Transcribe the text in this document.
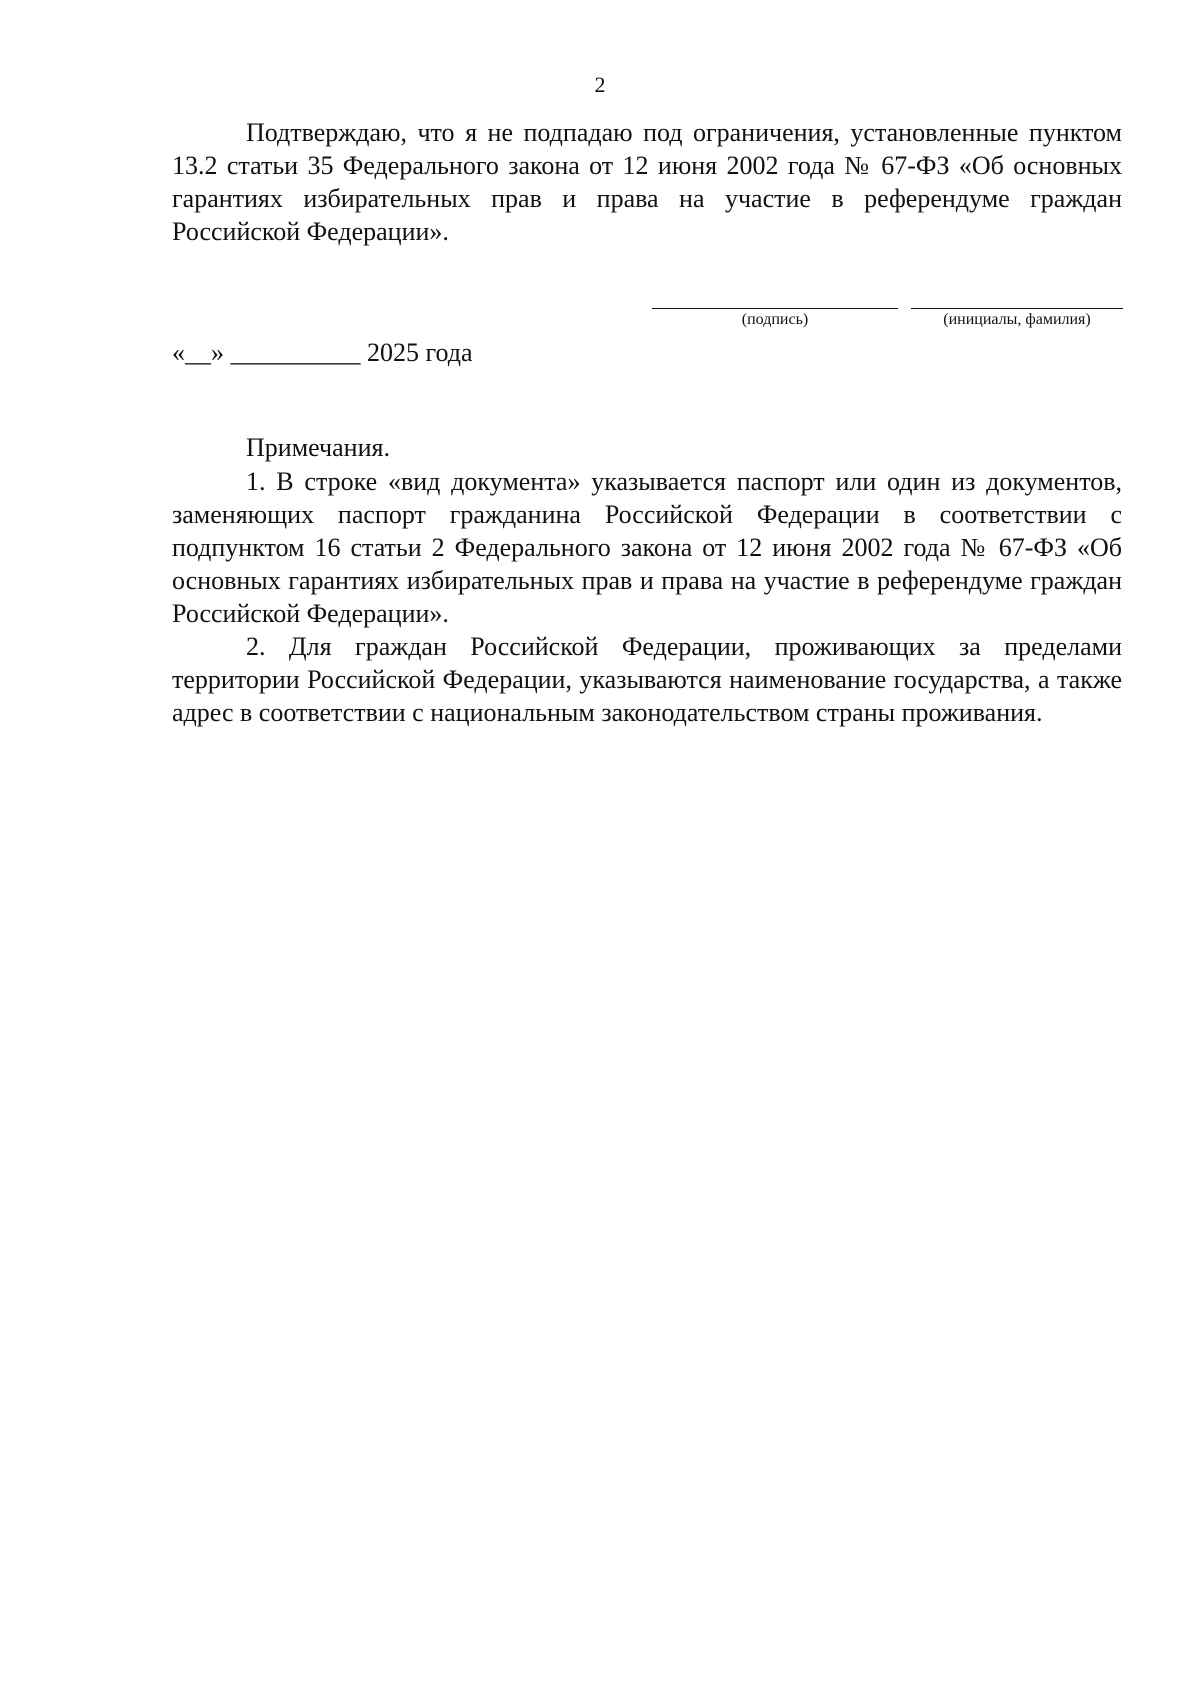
2

Подтверждаю, что я не подпадаю под ограничения, установленные пунктом 13.2 статьи 35 Федерального закона от 12 июня 2002 года № 67-ФЗ «Об основных гарантиях избирательных прав и права на участие в референдуме граждан Российской Федерации».

(подпись)	(инициалы, фамилия)
«__» __________ 2025 года

Примечания.

1. В строке «вид документа» указывается паспорт или один из документов, заменяющих паспорт гражданина Российской Федерации в соответствии с подпунктом 16 статьи 2 Федерального закона от 12 июня 2002 года № 67-ФЗ «Об основных гарантиях избирательных прав и права на участие в референдуме граждан Российской Федерации».

2. Для граждан Российской Федерации, проживающих за пределами территории Российской Федерации, указываются наименование государства, а также адрес в соответствии с национальным законодательством страны проживания.
